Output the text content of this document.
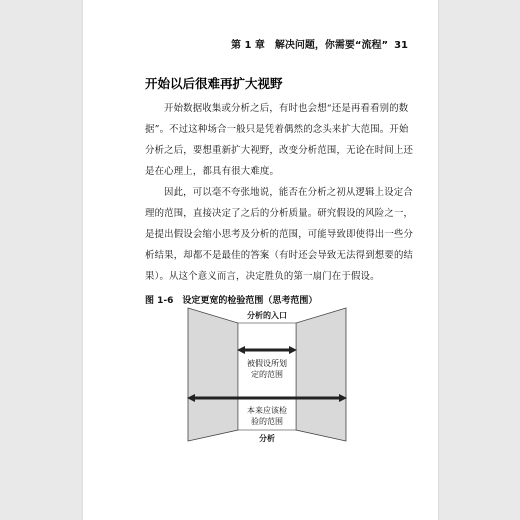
第 1 章　解决问题，你需要“流程” 31
开始以后很难再扩大视野
开始数据收集或分析之后，有时也会想“还是再看看别的数
据”。不过这种场合一般只是凭着偶然的念头来扩大范围。开始
分析之后，要想重新扩大视野，改变分析范围，无论在时间上还
是在心理上，都具有很大难度。
因此，可以毫不夸张地说，能否在分析之初从逻辑上设定合
理的范围，直接决定了之后的分析质量。研究假设的风险之一，
是提出假设会缩小思考及分析的范围，可能导致即使得出一些分
析结果，却都不是最佳的答案（有时还会导致无法得到想要的结
果）。从这个意义而言，决定胜负的第一扇门在于假设。
图 1-6　设定更宽的检验范围（思考范围）
分析的入口
被假设所划
定的范围
本来应该检
验的范围
分析
